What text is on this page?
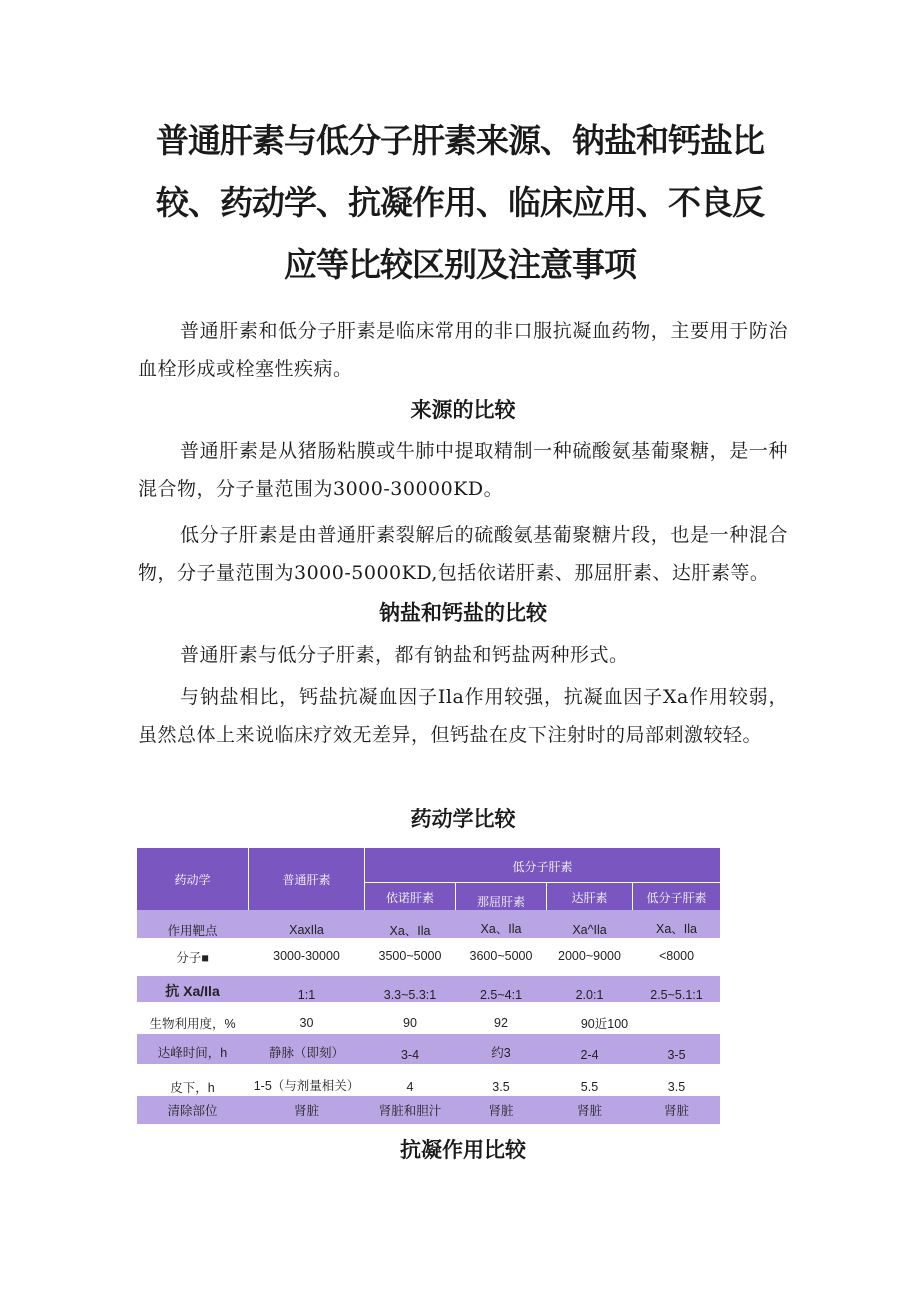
普通肝素与低分子肝素来源、钠盐和钙盐比
较、药动学、抗凝作用、临床应用、不良反
应等比较区别及注意事项

普通肝素和低分子肝素是临床常用的非口服抗凝血药物，主要用于防治血栓形成或栓塞性疾病。

来源的比较

普通肝素是从猪肠粘膜或牛肺中提取精制一种硫酸氨基葡聚糖，是一种混合物，分子量范围为3000-30000KD。

低分子肝素是由普通肝素裂解后的硫酸氨基葡聚糖片段，也是一种混合物，分子量范围为3000-5000KD,包括依诺肝素、那屈肝素、达肝素等。

钠盐和钙盐的比较

普通肝素与低分子肝素，都有钠盐和钙盐两种形式。

与钠盐相比，钙盐抗凝血因子Ila作用较强，抗凝血因子Xa作用较弱，虽然总体上来说临床疗效无差异，但钙盐在皮下注射时的局部刺激较轻。

药动学比较
药动学	普通肝素
低分子肝素
依诺肝素	那屈肝素	达肝素	低分子肝素
作用靶点	XaxIla	Xa、Ila	Xa、Ila	Xa^Ila	Xa、Ila
分子■	3000-30000	3500~5000	3600~5000	2000~9000	<8000
抗 Xa/Ila	1:1	3.3~5.3:1	2.5~4:1	2.0:1	2.5~5.1:1
生物利用度，%	30	90	92	90近100
达峰时间，h	静脉（即刻）	3-4	约3	2-4	3-5
皮下，h	1-5（与剂量相关）	4	3.5	5.5	3.5
清除部位	肾脏	肾脏和胆汁	肾脏	肾脏	肾脏
抗凝作用比较
